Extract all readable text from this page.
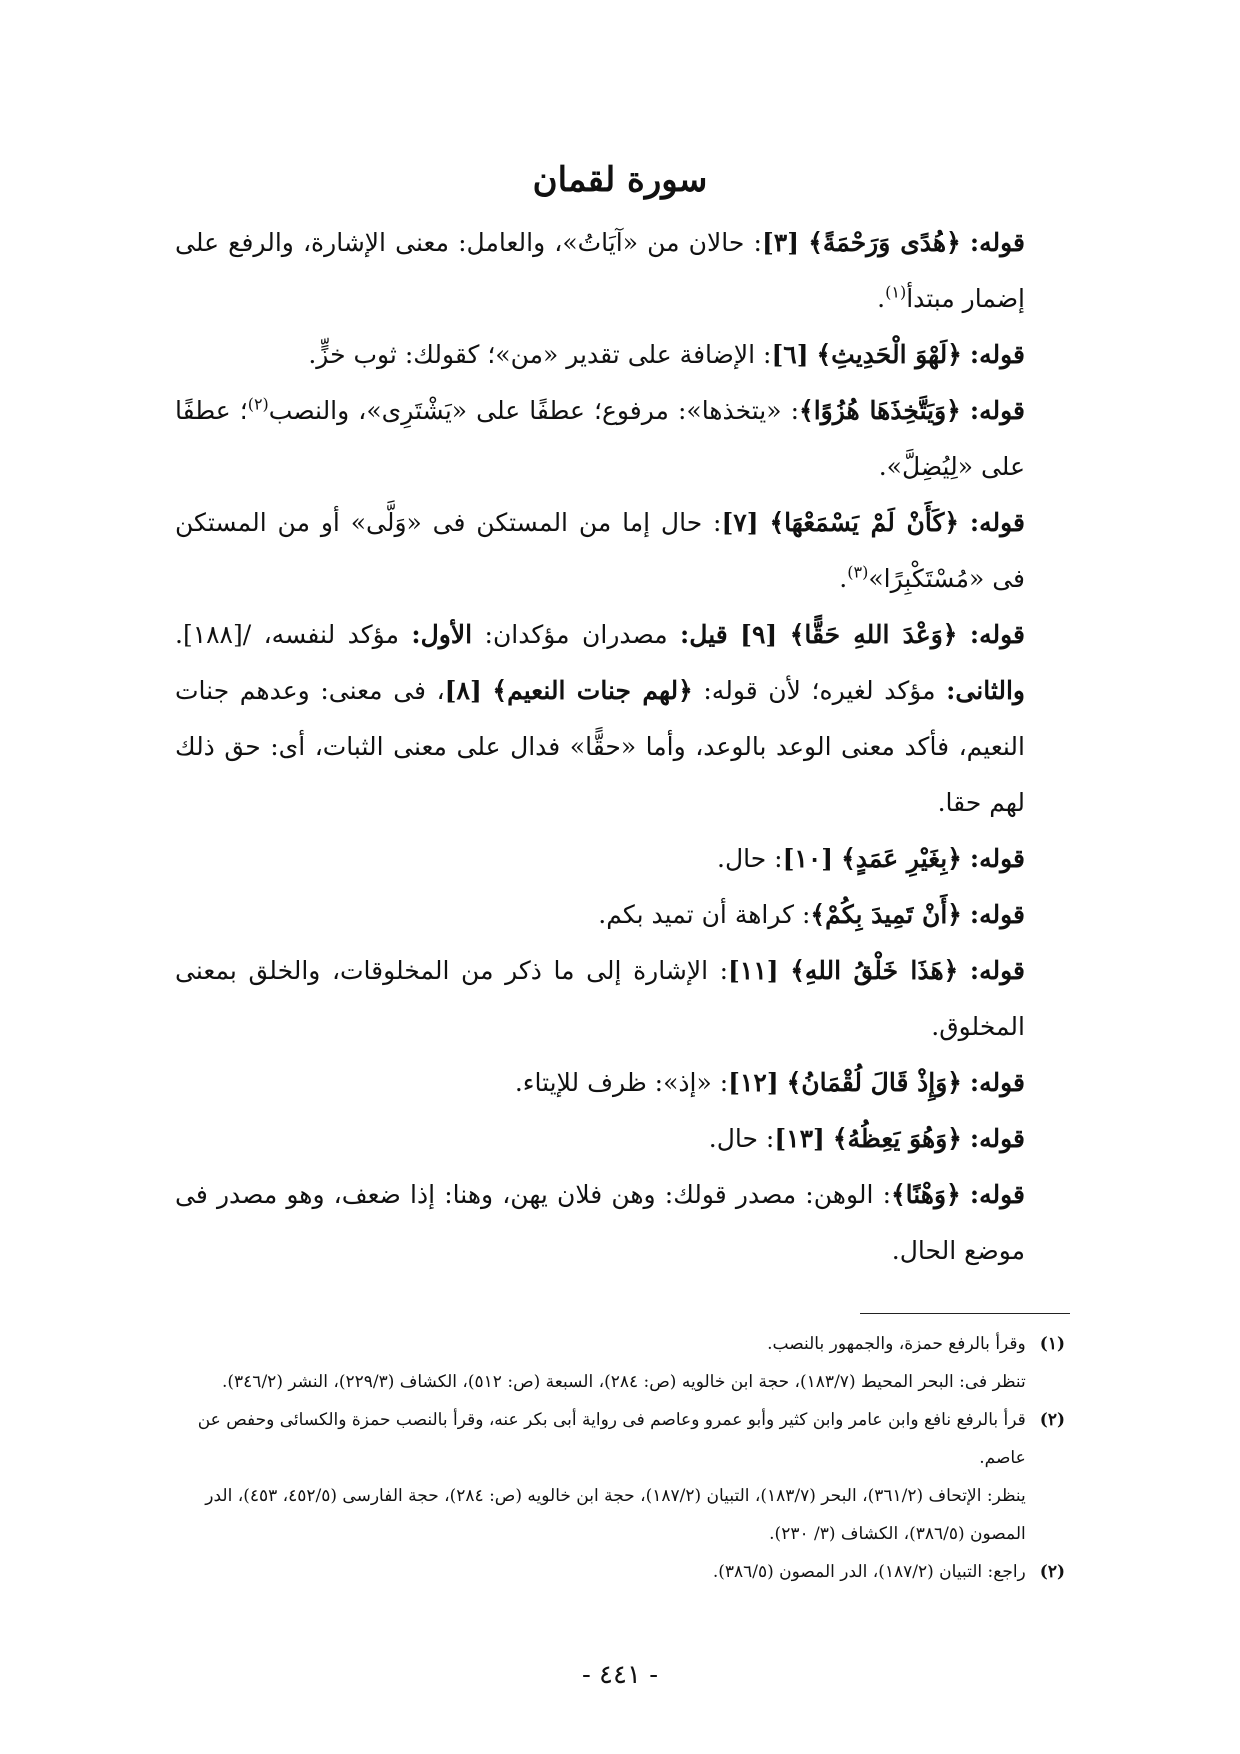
سورة لقمان

قوله: ﴿هُدًى وَرَحْمَةً﴾ [٣]: حالان من «آيَاتُ»، والعامل: معنى الإشارة، والرفع على إضمار مبتدأ$^{(١)}$.

قوله: ﴿لَهْوَ الْحَدِيثِ﴾ [٦]: الإضافة على تقدير «من»؛ كقولك: ثوب خزٍّ.

قوله: ﴿وَيَتَّخِذَهَا هُزُوًا﴾: «يتخذها»: مرفوع؛ عطفًا على «يَشْتَرِى»، والنصب$^{(٢)}$؛ عطفًا على «لِيُضِلَّ».

قوله: ﴿كَأَنْ لَمْ يَسْمَعْهَا﴾ [٧]: حال إما من المستكن فى «وَلَّى» أو من المستكن فى «مُسْتَكْبِرًا»$^{(٣)}$.

قوله: ﴿وَعْدَ اللهِ حَقًّا﴾ [٩] قيل: مصدران مؤكدان: الأول: مؤكد لنفسه، /[١٨٨]. والثانى: مؤكد لغيره؛ لأن قوله: ﴿لهم جنات النعيم﴾ [٨]، فى معنى: وعدهم جنات النعيم، فأكد معنى الوعد بالوعد، وأما «حقًّا» فدال على معنى الثبات، أى: حق ذلك لهم حقا.

قوله: ﴿بِغَيْرِ عَمَدٍ﴾ [١٠]: حال.

قوله: ﴿أَنْ تَمِيدَ بِكُمْ﴾: كراهة أن تميد بكم.

قوله: ﴿هَذَا خَلْقُ اللهِ﴾ [١١]: الإشارة إلى ما ذكر من المخلوقات، والخلق بمعنى المخلوق.

قوله: ﴿وَإِذْ قَالَ لُقْمَانُ﴾ [١٢]: «إذ»: ظرف للإيتاء.

قوله: ﴿وَهُوَ يَعِظُهُ﴾ [١٣]: حال.

قوله: ﴿وَهْنًا﴾: الوهن: مصدر قولك: وهن فلان يهن، وهنا: إذا ضعف، وهو مصدر فى موضع الحال.

(١)
وقرأ بالرفع حمزة، والجمهور بالنصب.
تنظر فى: البحر المحيط (١٨٣/٧)، حجة ابن خالويه (ص: ٢٨٤)، السبعة (ص: ٥١٢)، الكشاف (٢٢٩/٣)، النشر (٣٤٦/٢).
(٢)
قرأ بالرفع نافع وابن عامر وابن كثير وأبو عمرو وعاصم فى رواية أبى بكر عنه، وقرأ بالنصب حمزة والكسائى وحفص عن عاصم.
ينظر: الإتحاف (٣٦١/٢)، البحر (١٨٣/٧)، التبيان (١٨٧/٢)، حجة ابن خالويه (ص: ٢٨٤)، حجة الفارسى (٤٥٢/٥، ٤٥٣)، الدر المصون (٣٨٦/٥)، الكشاف (٣/ ٢٣٠).
(٢)
راجع: التبيان (١٨٧/٢)، الدر المصون (٣٨٦/٥).
- ٤٤١ -
